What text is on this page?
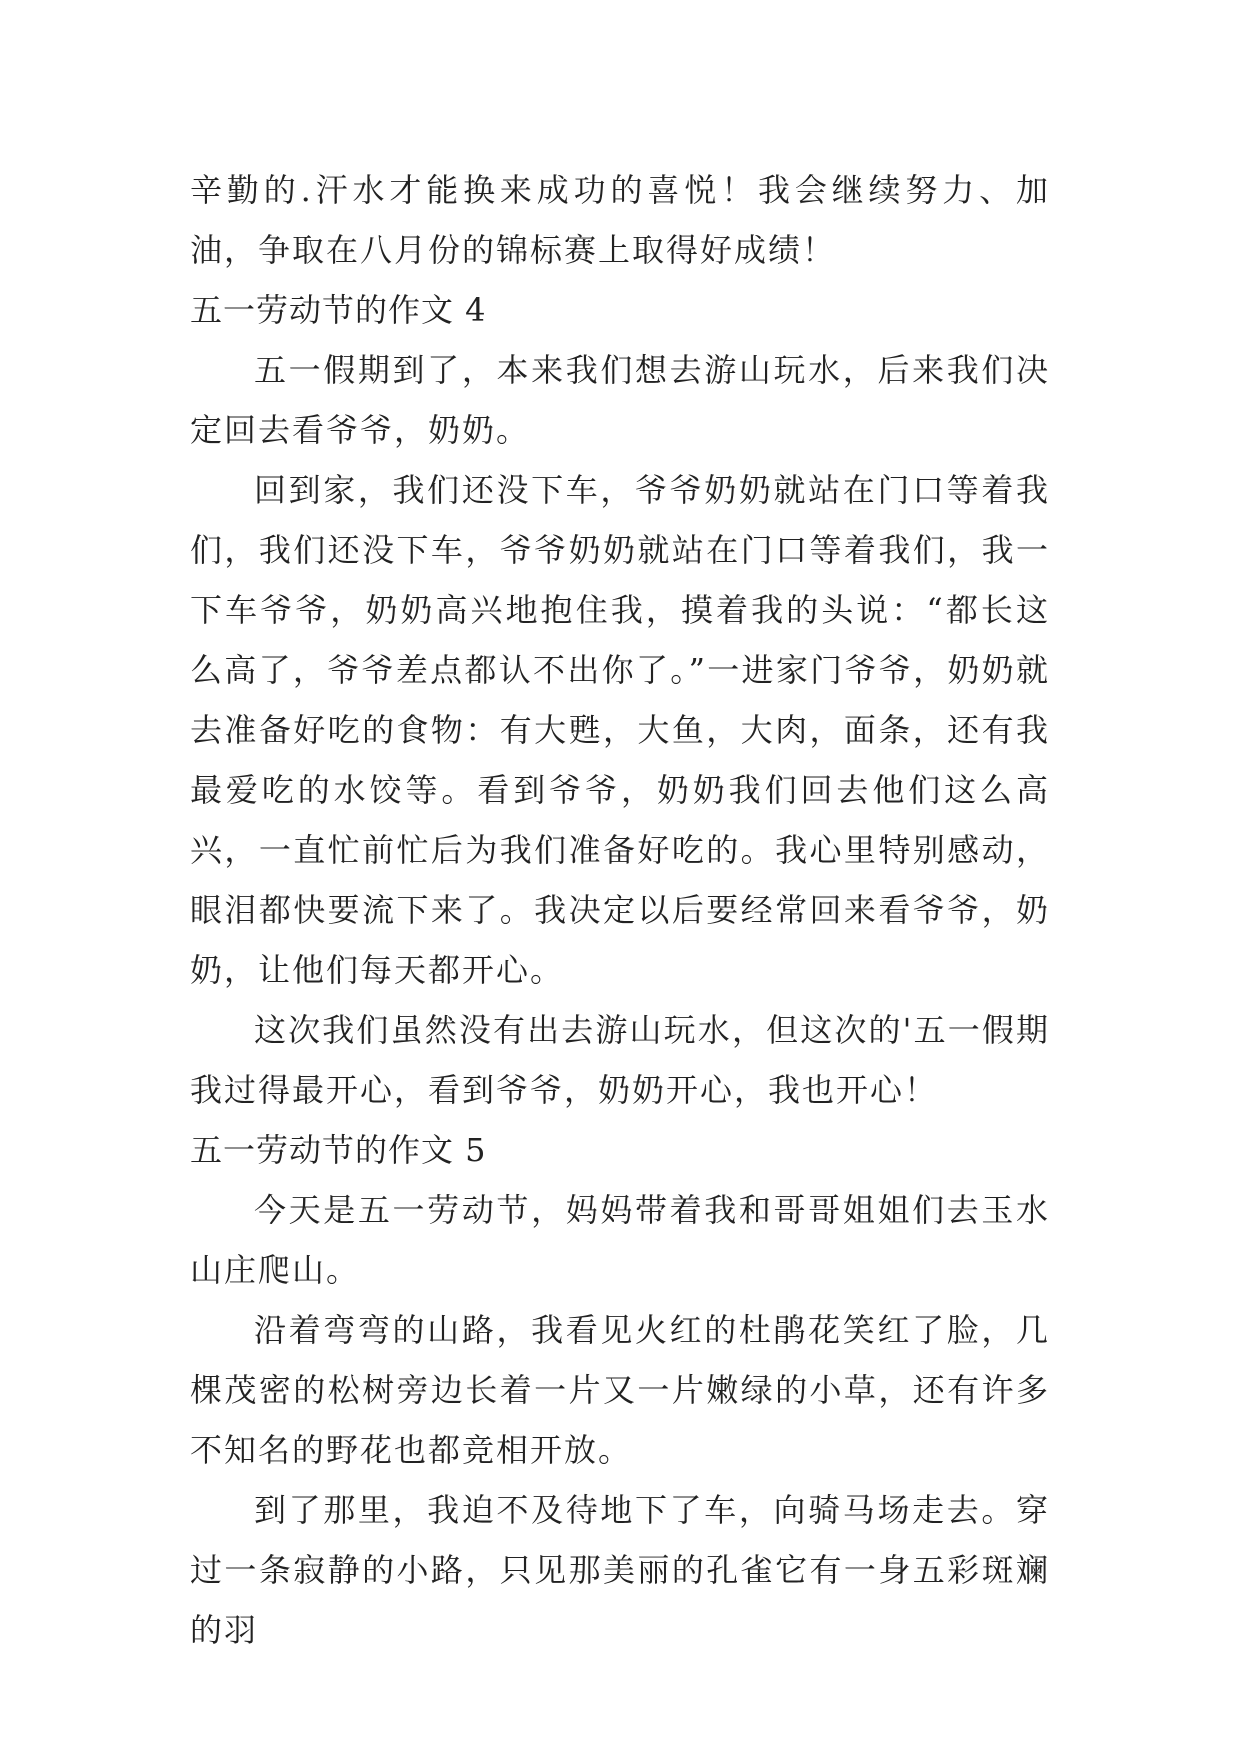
辛勤的.汗水才能换来成功的喜悦！我会继续努力、加油，争取在八月份的锦标赛上取得好成绩！

五一劳动节的作文 4

五一假期到了，本来我们想去游山玩水，后来我们决定回去看爷爷，奶奶。

回到家，我们还没下车，爷爷奶奶就站在门口等着我们，我们还没下车，爷爷奶奶就站在门口等着我们，我一下车爷爷，奶奶高兴地抱住我，摸着我的头说：“都长这么高了，爷爷差点都认不出你了。”一进家门爷爷，奶奶就去准备好吃的食物：有大甦，大鱼，大肉，面条，还有我最爱吃的水饺等。看到爷爷，奶奶我们回去他们这么高兴，一直忙前忙后为我们准备好吃的。我心里特别感动，眼泪都快要流下来了。我决定以后要经常回来看爷爷，奶奶，让他们每天都开心。

这次我们虽然没有出去游山玩水，但这次的'五一假期我过得最开心，看到爷爷，奶奶开心，我也开心！

五一劳动节的作文 5

今天是五一劳动节，妈妈带着我和哥哥姐姐们去玉水山庄爬山。

沿着弯弯的山路，我看见火红的杜鹃花笑红了脸，几棵茂密的松树旁边长着一片又一片嫩绿的小草，还有许多不知名的野花也都竞相开放。

到了那里，我迫不及待地下了车，向骑马场走去。穿过一条寂静的小路，只见那美丽的孔雀它有一身五彩斑斓的羽
